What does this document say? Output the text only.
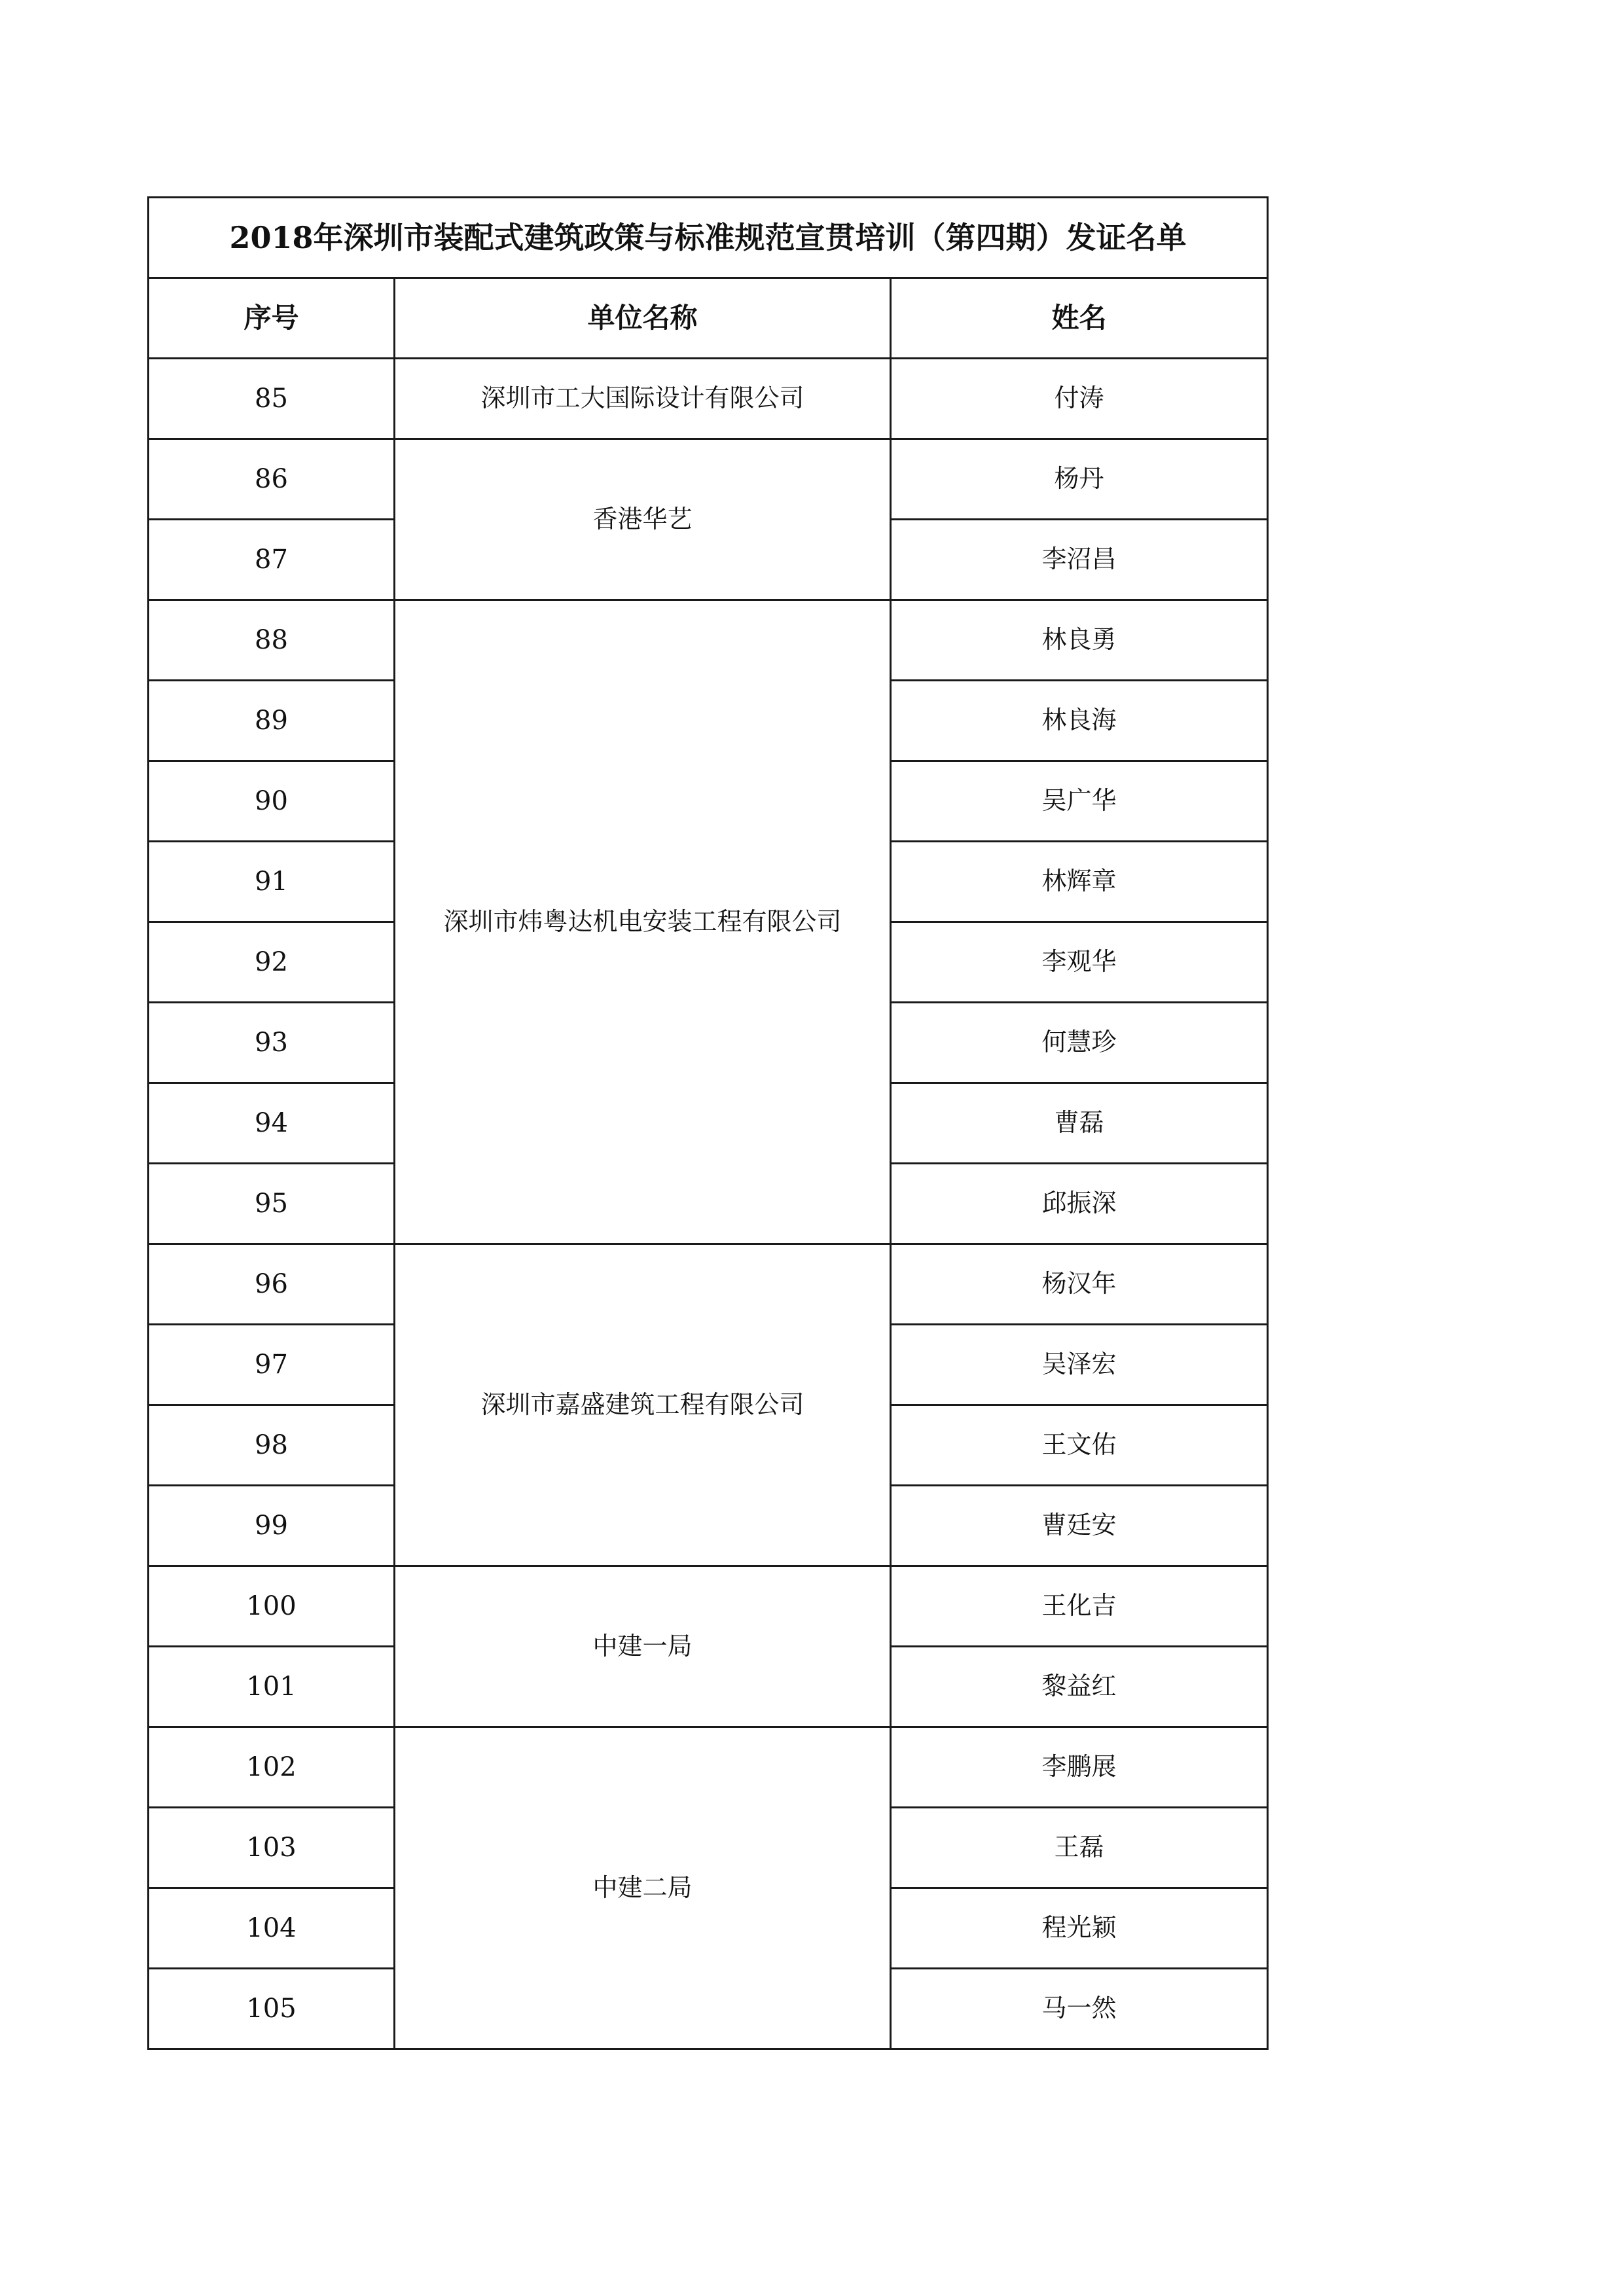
2018年深圳市装配式建筑政策与标准规范宣贯培训（第四期）发证名单		
序号	单位名称	姓名
85	深圳市工大国际设计有限公司	付涛
86	香港华艺	杨丹
87		李沼昌
88	深圳市炜粤达机电安装工程有限公司	林良勇
89		林良海
90		吴广华
91		林辉章
92		李观华
93		何慧珍
94		曹磊
95		邱振深
96	深圳市嘉盛建筑工程有限公司	杨汉年
97		吴泽宏
98		王文佑
99		曹廷安
100	中建一局	王化吉
101		黎益红
102	中建二局	李鹏展
103		王磊
104		程光颖
105		马一然
